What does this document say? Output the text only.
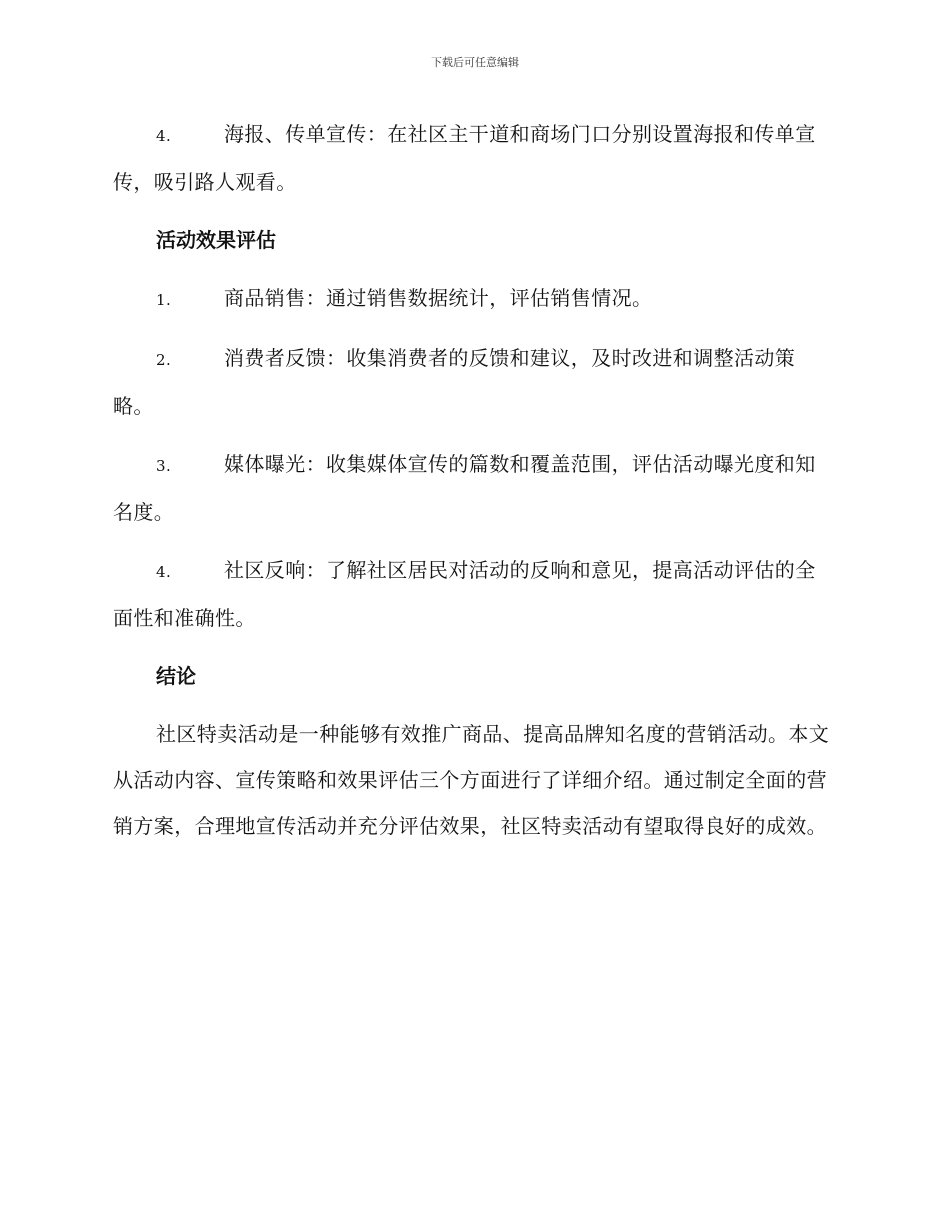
下载后可任意编辑

4.	海报、传单宣传：在社区主干道和商场门口分别设置海报和传单宣传，吸引路人观看。

活动效果评估

1.	商品销售：通过销售数据统计，评估销售情况。

2.	消费者反馈：收集消费者的反馈和建议，及时改进和调整活动策略。

3.	媒体曝光：收集媒体宣传的篇数和覆盖范围，评估活动曝光度和知名度。

4.	社区反响：了解社区居民对活动的反响和意见，提高活动评估的全面性和准确性。

结论

社区特卖活动是一种能够有效推广商品、提高品牌知名度的营销活动。本文从活动内容、宣传策略和效果评估三个方面进行了详细介绍。通过制定全面的营销方案，合理地宣传活动并充分评估效果，社区特卖活动有望取得良好的成效。
